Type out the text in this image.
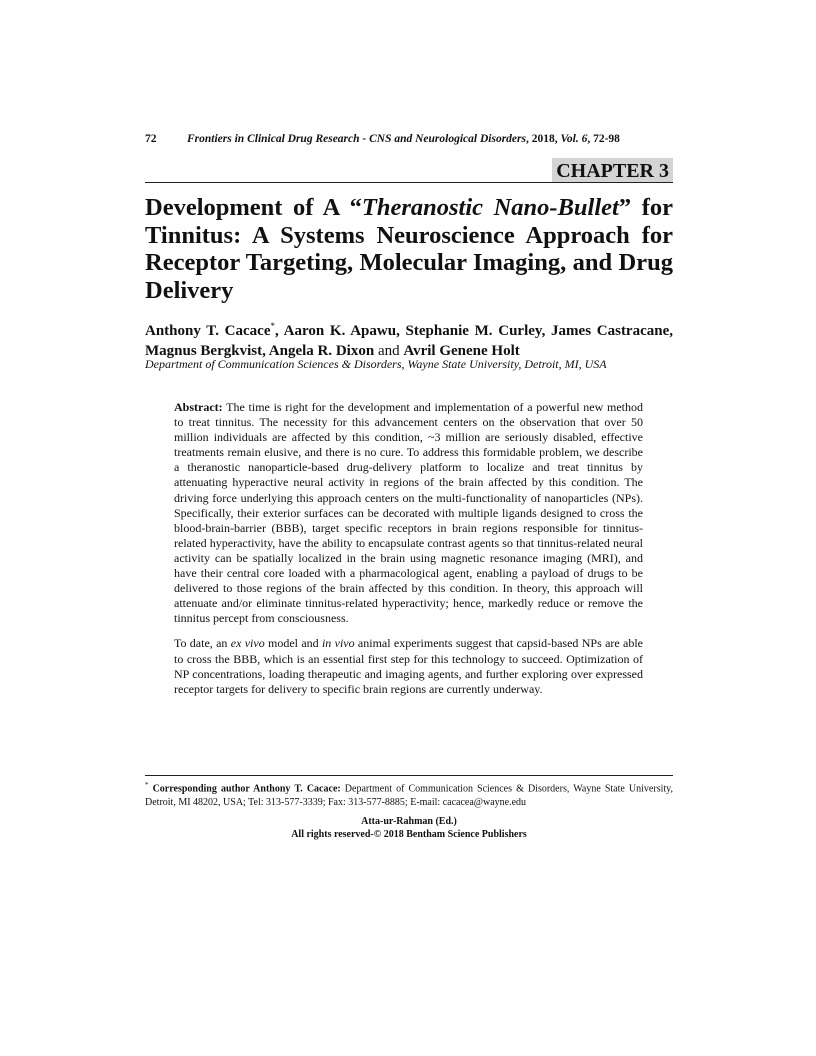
72	Frontiers in Clinical Drug Research - CNS and Neurological Disorders, 2018, Vol. 6, 72-98
CHAPTER 3
Development of A “Theranostic Nano-Bullet” for Tinnitus: A Systems Neuroscience Approach for Receptor Targeting, Molecular Imaging, and Drug Delivery
Anthony T. Cacace*, Aaron K. Apawu, Stephanie M. Curley, James Castracane, Magnus Bergkvist, Angela R. Dixon and Avril Genene Holt
Department of Communication Sciences & Disorders, Wayne State University, Detroit, MI, USA

Abstract: The time is right for the development and implementation of a powerful new method to treat tinnitus. The necessity for this advancement centers on the observation that over 50 million individuals are affected by this condition, ~3 million are seriously disabled, effective treatments remain elusive, and there is no cure. To address this formidable problem, we describe a theranostic nanoparticle-based drug-delivery platform to localize and treat tinnitus by attenuating hyperactive neural activity in regions of the brain affected by this condition. The driving force underlying this approach centers on the multi-functionality of nanoparticles (NPs). Specifically, their exterior surfaces can be decorated with multiple ligands designed to cross the blood-brain-barrier (BBB), target specific receptors in brain regions responsible for tinnitus-related hyperactivity, have the ability to encapsulate contrast agents so that tinnitus-related neural activity can be spatially localized in the brain using magnetic resonance imaging (MRI), and have their central core loaded with a pharmacological agent, enabling a payload of drugs to be delivered to those regions of the brain affected by this condition. In theory, this approach will attenuate and/or eliminate tinnitus-related hyperactivity; hence, markedly reduce or remove the tinnitus percept from consciousness.

To date, an ex vivo model and in vivo animal experiments suggest that capsid-based NPs are able to cross the BBB, which is an essential first step for this technology to succeed. Optimization of NP concentrations, loading therapeutic and imaging agents, and further exploring over expressed receptor targets for delivery to specific brain regions are currently underway.

* Corresponding author Anthony T. Cacace: Department of Communication Sciences & Disorders, Wayne State University, Detroit, MI 48202, USA; Tel: 313-577-3339; Fax: 313-577-8885; E-mail: cacacea@wayne.edu
Atta-ur-Rahman (Ed.)
All rights reserved-© 2018 Bentham Science Publishers
